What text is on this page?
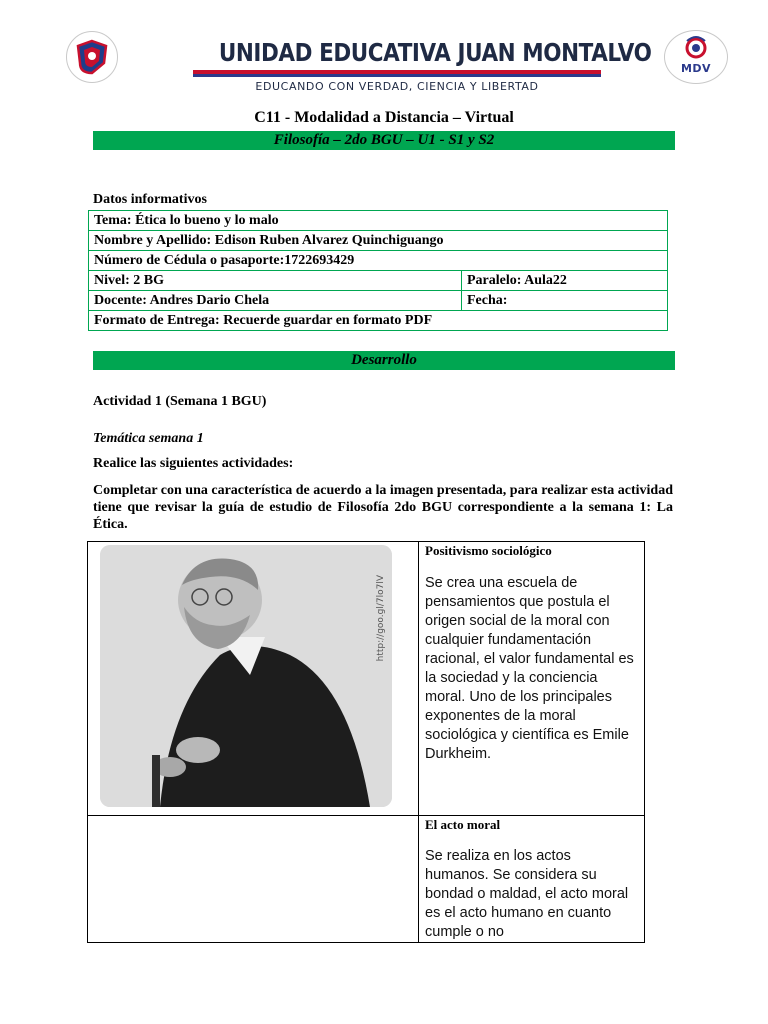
UNIDAD EDUCATIVA JUAN MONTALVO
EDUCANDO CON VERDAD, CIENCIA Y LIBERTAD
MDV
C11 - Modalidad a Distancia – Virtual
Filosofía – 2do BGU – U1 - S1 y S2
Datos informativos
Tema: Ética lo bueno y lo malo	
Nombre y Apellido: Edison Ruben Alvarez Quinchiguango	
Número de Cédula o pasaporte:1722693429	
Nivel: 2 BG	Paralelo: Aula22
Docente: Andres Dario Chela	Fecha:
Formato de Entrega: Recuerde guardar en formato PDF	
Desarrollo
Actividad 1 (Semana 1 BGU)
Temática semana 1
Realice las siguientes actividades:
Completar con una característica de acuerdo a la imagen presentada, para realizar esta actividad tiene que revisar la guía de estudio de Filosofía 2do BGU correspondiente a la semana 1: La Ética.
http://goo.gl/7lo7lV	Positivismo sociológico

Se crea una escuela de pensamientos que postula el origen social de la moral con cualquier fundamentación racional, el valor fundamental es la sociedad y la conciencia moral. Uno de los principales exponentes de la moral sociológica y científica es Emile Durkheim.

	El acto moral

Se realiza en los actos humanos. Se considera su bondad o maldad, el acto moral es el acto humano en cuanto cumple o no
